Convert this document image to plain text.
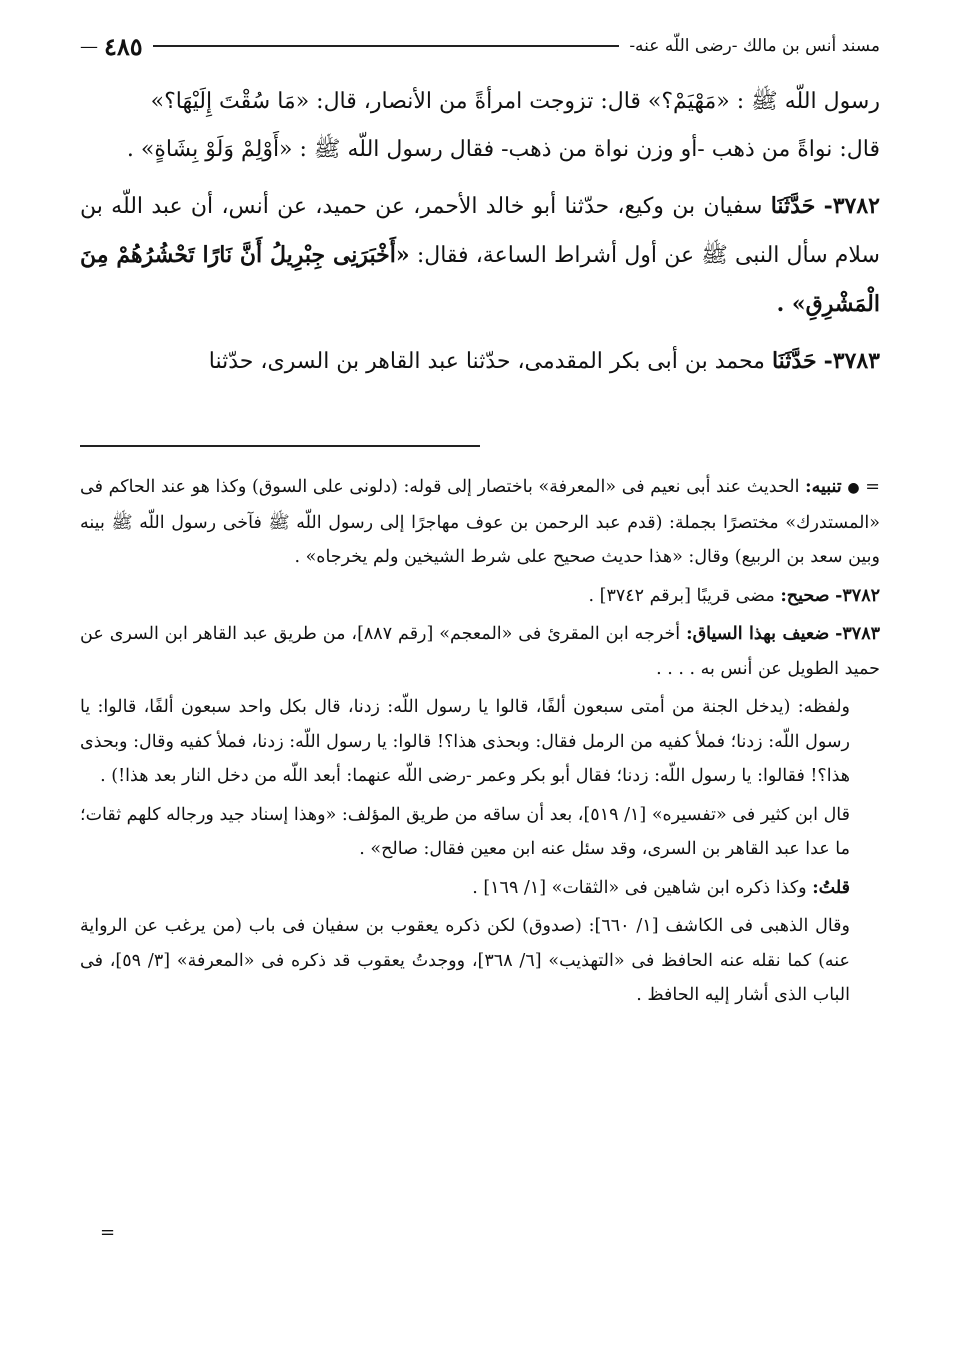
مسند أنس بن مالك -رضى اللّه عنه-
٤٨٥
—

رسول اللّه ﷺ : «مَهْيَمْ؟» قال: تزوجت امرأةً من الأنصار، قال: «مَا سُقْتَ إِلَيْهَا؟»
قال: نواةً من ذهب -أو وزن نواة من ذهب- فقال رسول اللّه ﷺ : «أَوْلِمْ وَلَوْ بِشَاةٍ» .

٣٧٨٢- حَدَّثَنَا سفيان بن وكيع، حدّثنا أبو خالد الأحمر، عن حميد، عن أنس، أن عبد اللّه بن سلام سأل النبى ﷺ عن أول أشراط الساعة، فقال: «أَخْبَرَنِى جِبْرِيلُ أَنَّ نَارًا تَحْشُرُهُمْ مِنَ الْمَشْرِقِ» .

٣٧٨٣- حَدَّثَنَا محمد بن أبى بكر المقدمى، حدّثنا عبد القاهر بن السرى، حدّثنا

= ● تنبيه: الحديث عند أبى نعيم فى «المعرفة» باختصار إلى قوله: (دلونى على السوق) وكذا هو عند الحاكم فى «المستدرك» مختصرًا بجملة: (قدم عبد الرحمن بن عوف مهاجرًا إلى رسول اللّه ﷺ فآخى رسول اللّه ﷺ بينه وبين سعد بن الربيع) وقال: «هذا حديث صحيح على شرط الشيخين ولم يخرجاه» .

٣٧٨٢- صحيح: مضى قريبًا [برقم ٣٧٤٢] .

٣٧٨٣- ضعيف بهذا السياق: أخرجه ابن المقرئ فى «المعجم» [رقم ٨٨٧]، من طريق عبد القاهر ابن السرى عن حميد الطويل عن أنس به . . . .

ولفظه: (يدخل الجنة من أمتى سبعون ألفًا، قالوا يا رسول اللّه: زدنا، قال بكل واحد سبعون ألفًا، قالوا: يا رسول اللّه: زدنا؛ فملأ كفيه من الرمل فقال: وبحذى هذا؟! قالوا: يا رسول اللّه: زدنا، فملأ كفيه وقال: وبحذى هذا؟! فقالوا: يا رسول اللّه: زدنا؛ فقال أبو بكر وعمر -رضى اللّه عنهما: أبعد اللّه من دخل النار بعد هذا!) .

قال ابن كثير فى «تفسيره» [١/ ٥١٩]، بعد أن ساقه من طريق المؤلف: «وهذا إسناد جيد ورجاله كلهم ثقات؛ ما عدا عبد القاهر بن السرى، وقد سئل عنه ابن معين فقال: صالح» .

قلتُ: وكذا ذكره ابن شاهين فى «الثقات» [١/ ١٦٩] .

وقال الذهبى فى الكاشف [١/ ٦٦٠]: (صدوق) لكن ذكره يعقوب بن سفيان فى باب (من يرغب عن الرواية عنه) كما نقله عنه الحافظ فى «التهذيب» [٦/ ٣٦٨]، ووجدتُ يعقوب قد ذكره فى «المعرفة» [٣/ ٥٩]، فى الباب الذى أشار إليه الحافظ .

=
